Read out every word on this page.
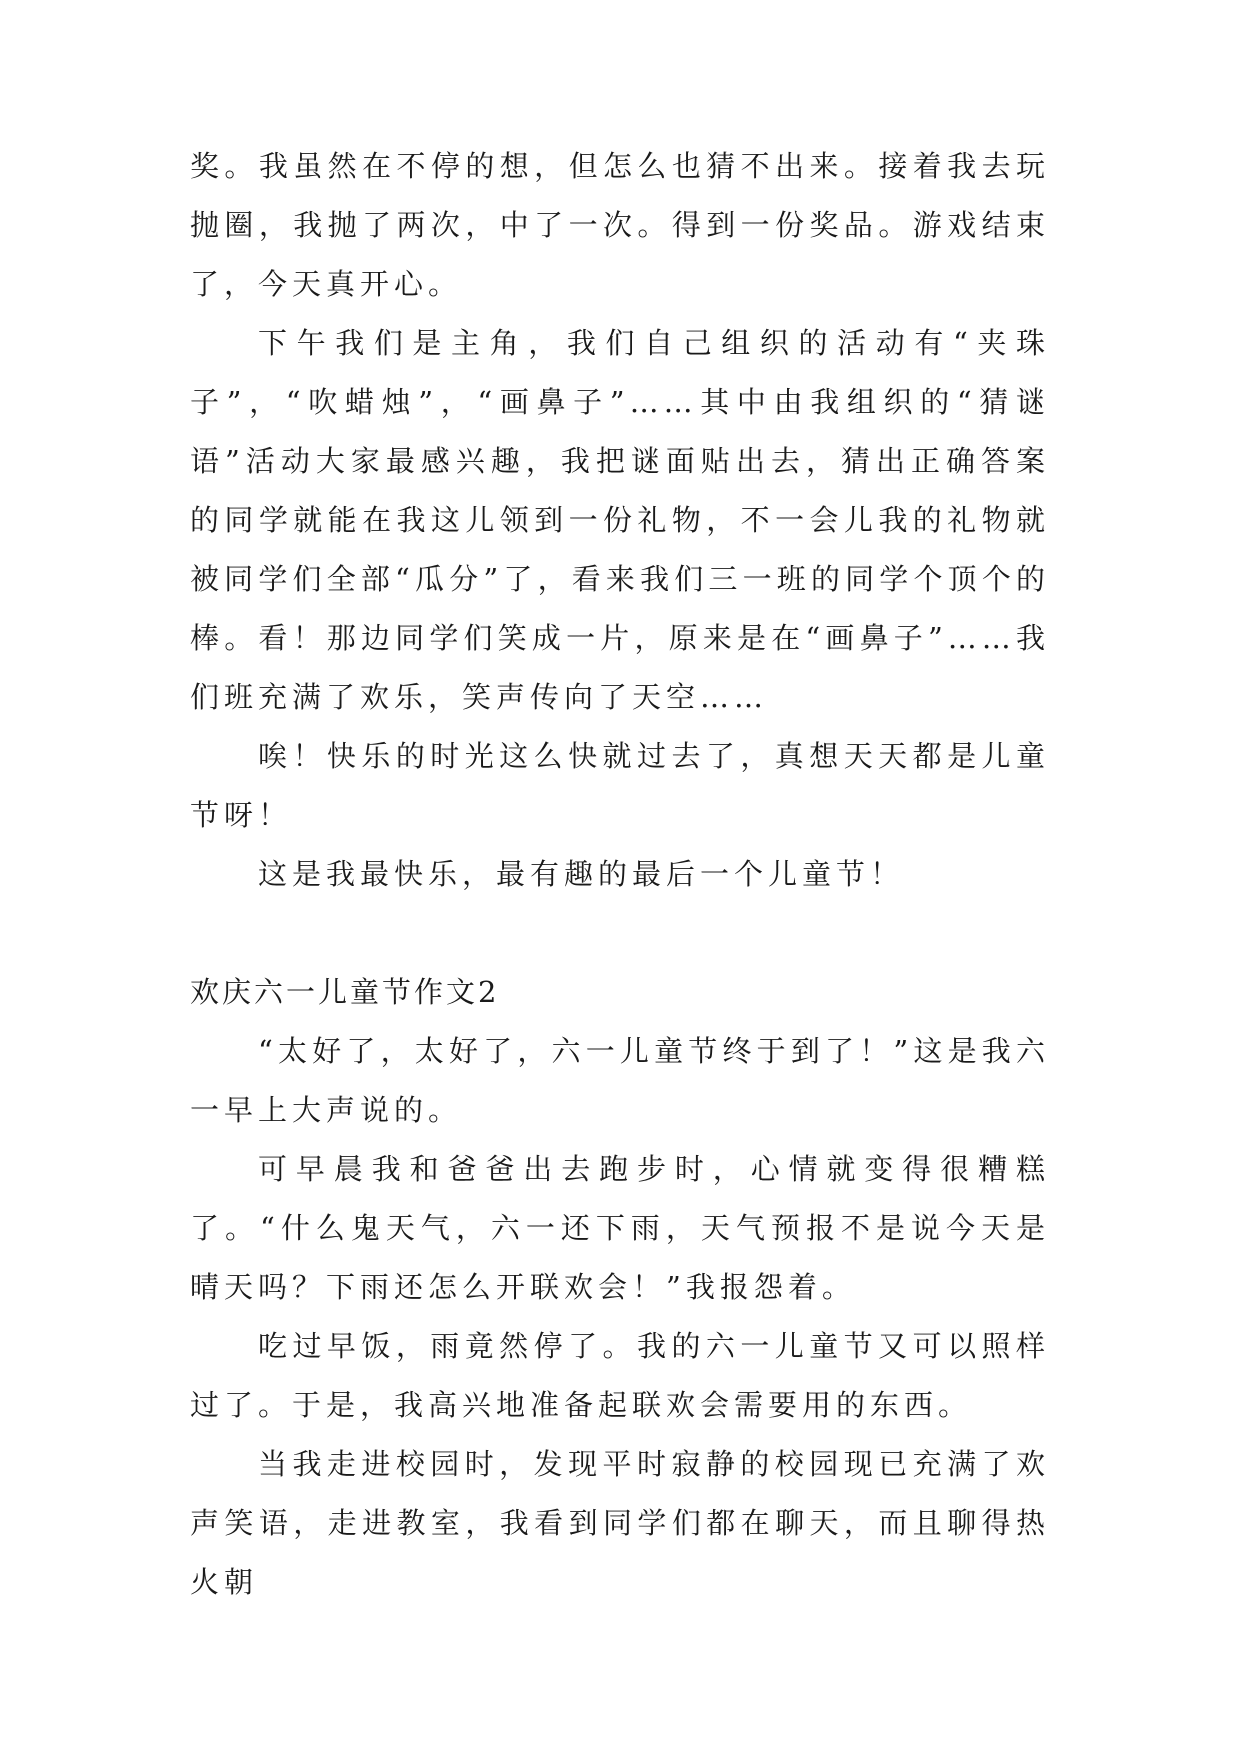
奖。我虽然在不停的想，但怎么也猜不出来。接着我去玩抛圈，我抛了两次，中了一次。得到一份奖品。游戏结束了，今天真开心。

下午我们是主角，我们自己组织的活动有“夹珠子”，“吹蜡烛”，“画鼻子”……其中由我组织的“猜谜语”活动大家最感兴趣，我把谜面贴出去，猜出正确答案的同学就能在我这儿领到一份礼物，不一会儿我的礼物就被同学们全部“瓜分”了，看来我们三一班的同学个顶个的棒。看！那边同学们笑成一片，原来是在“画鼻子”……我们班充满了欢乐，笑声传向了天空……

唉！快乐的时光这么快就过去了，真想天天都是儿童节呀！

这是我最快乐，最有趣的最后一个儿童节！

欢庆六一儿童节作文2

“太好了，太好了，六一儿童节终于到了！”这是我六一早上大声说的。

可早晨我和爸爸出去跑步时，心情就变得很糟糕了。“什么鬼天气，六一还下雨，天气预报不是说今天是晴天吗？下雨还怎么开联欢会！”我报怨着。

吃过早饭，雨竟然停了。我的六一儿童节又可以照样过了。于是，我高兴地准备起联欢会需要用的东西。

当我走进校园时，发现平时寂静的校园现已充满了欢声笑语，走进教室，我看到同学们都在聊天，而且聊得热火朝
